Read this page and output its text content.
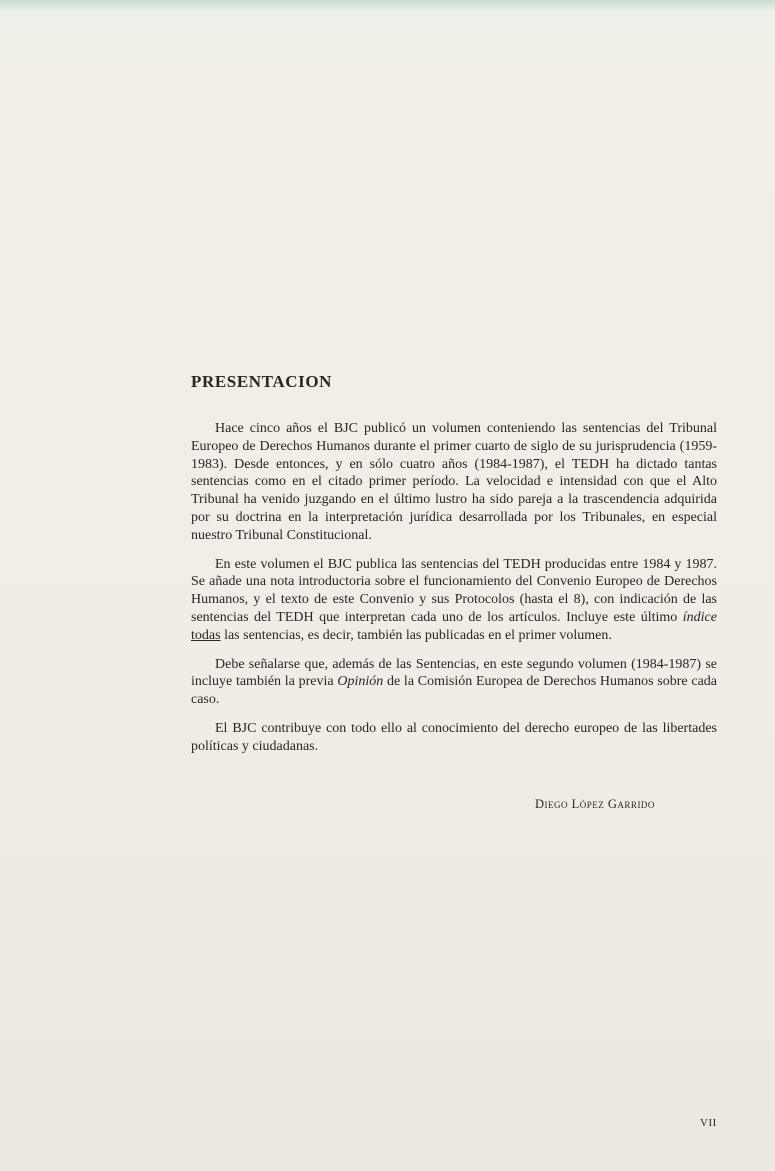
PRESENTACION

Hace cinco años el BJC publicó un volumen conteniendo las sentencias del Tribunal Europeo de Derechos Humanos durante el primer cuarto de siglo de su jurisprudencia (1959-1983). Desde entonces, y en sólo cuatro años (1984-1987), el TEDH ha dictado tantas sentencias como en el citado primer período. La velocidad e intensidad con que el Alto Tribunal ha venido juzgando en el último lustro ha sido pareja a la trascendencia adquirida por su doctrina en la interpretación jurídica desarrollada por los Tribunales, en especial nuestro Tribunal Constitucional.

En este volumen el BJC publica las sentencias del TEDH producidas entre 1984 y 1987. Se añade una nota introductoria sobre el funcionamiento del Convenio Europeo de Derechos Humanos, y el texto de este Convenio y sus Protocolos (hasta el 8), con indicación de las sentencias del TEDH que interpretan cada uno de los artículos. Incluye este último índice todas las sentencias, es decir, también las publicadas en el primer volumen.

Debe señalarse que, además de las Sentencias, en este segundo volumen (1984-1987) se incluye también la previa Opinión de la Comisión Europea de Derechos Humanos sobre cada caso.

El BJC contribuye con todo ello al conocimiento del derecho europeo de las libertades políticas y ciudadanas.

Diego López Garrido
VII
